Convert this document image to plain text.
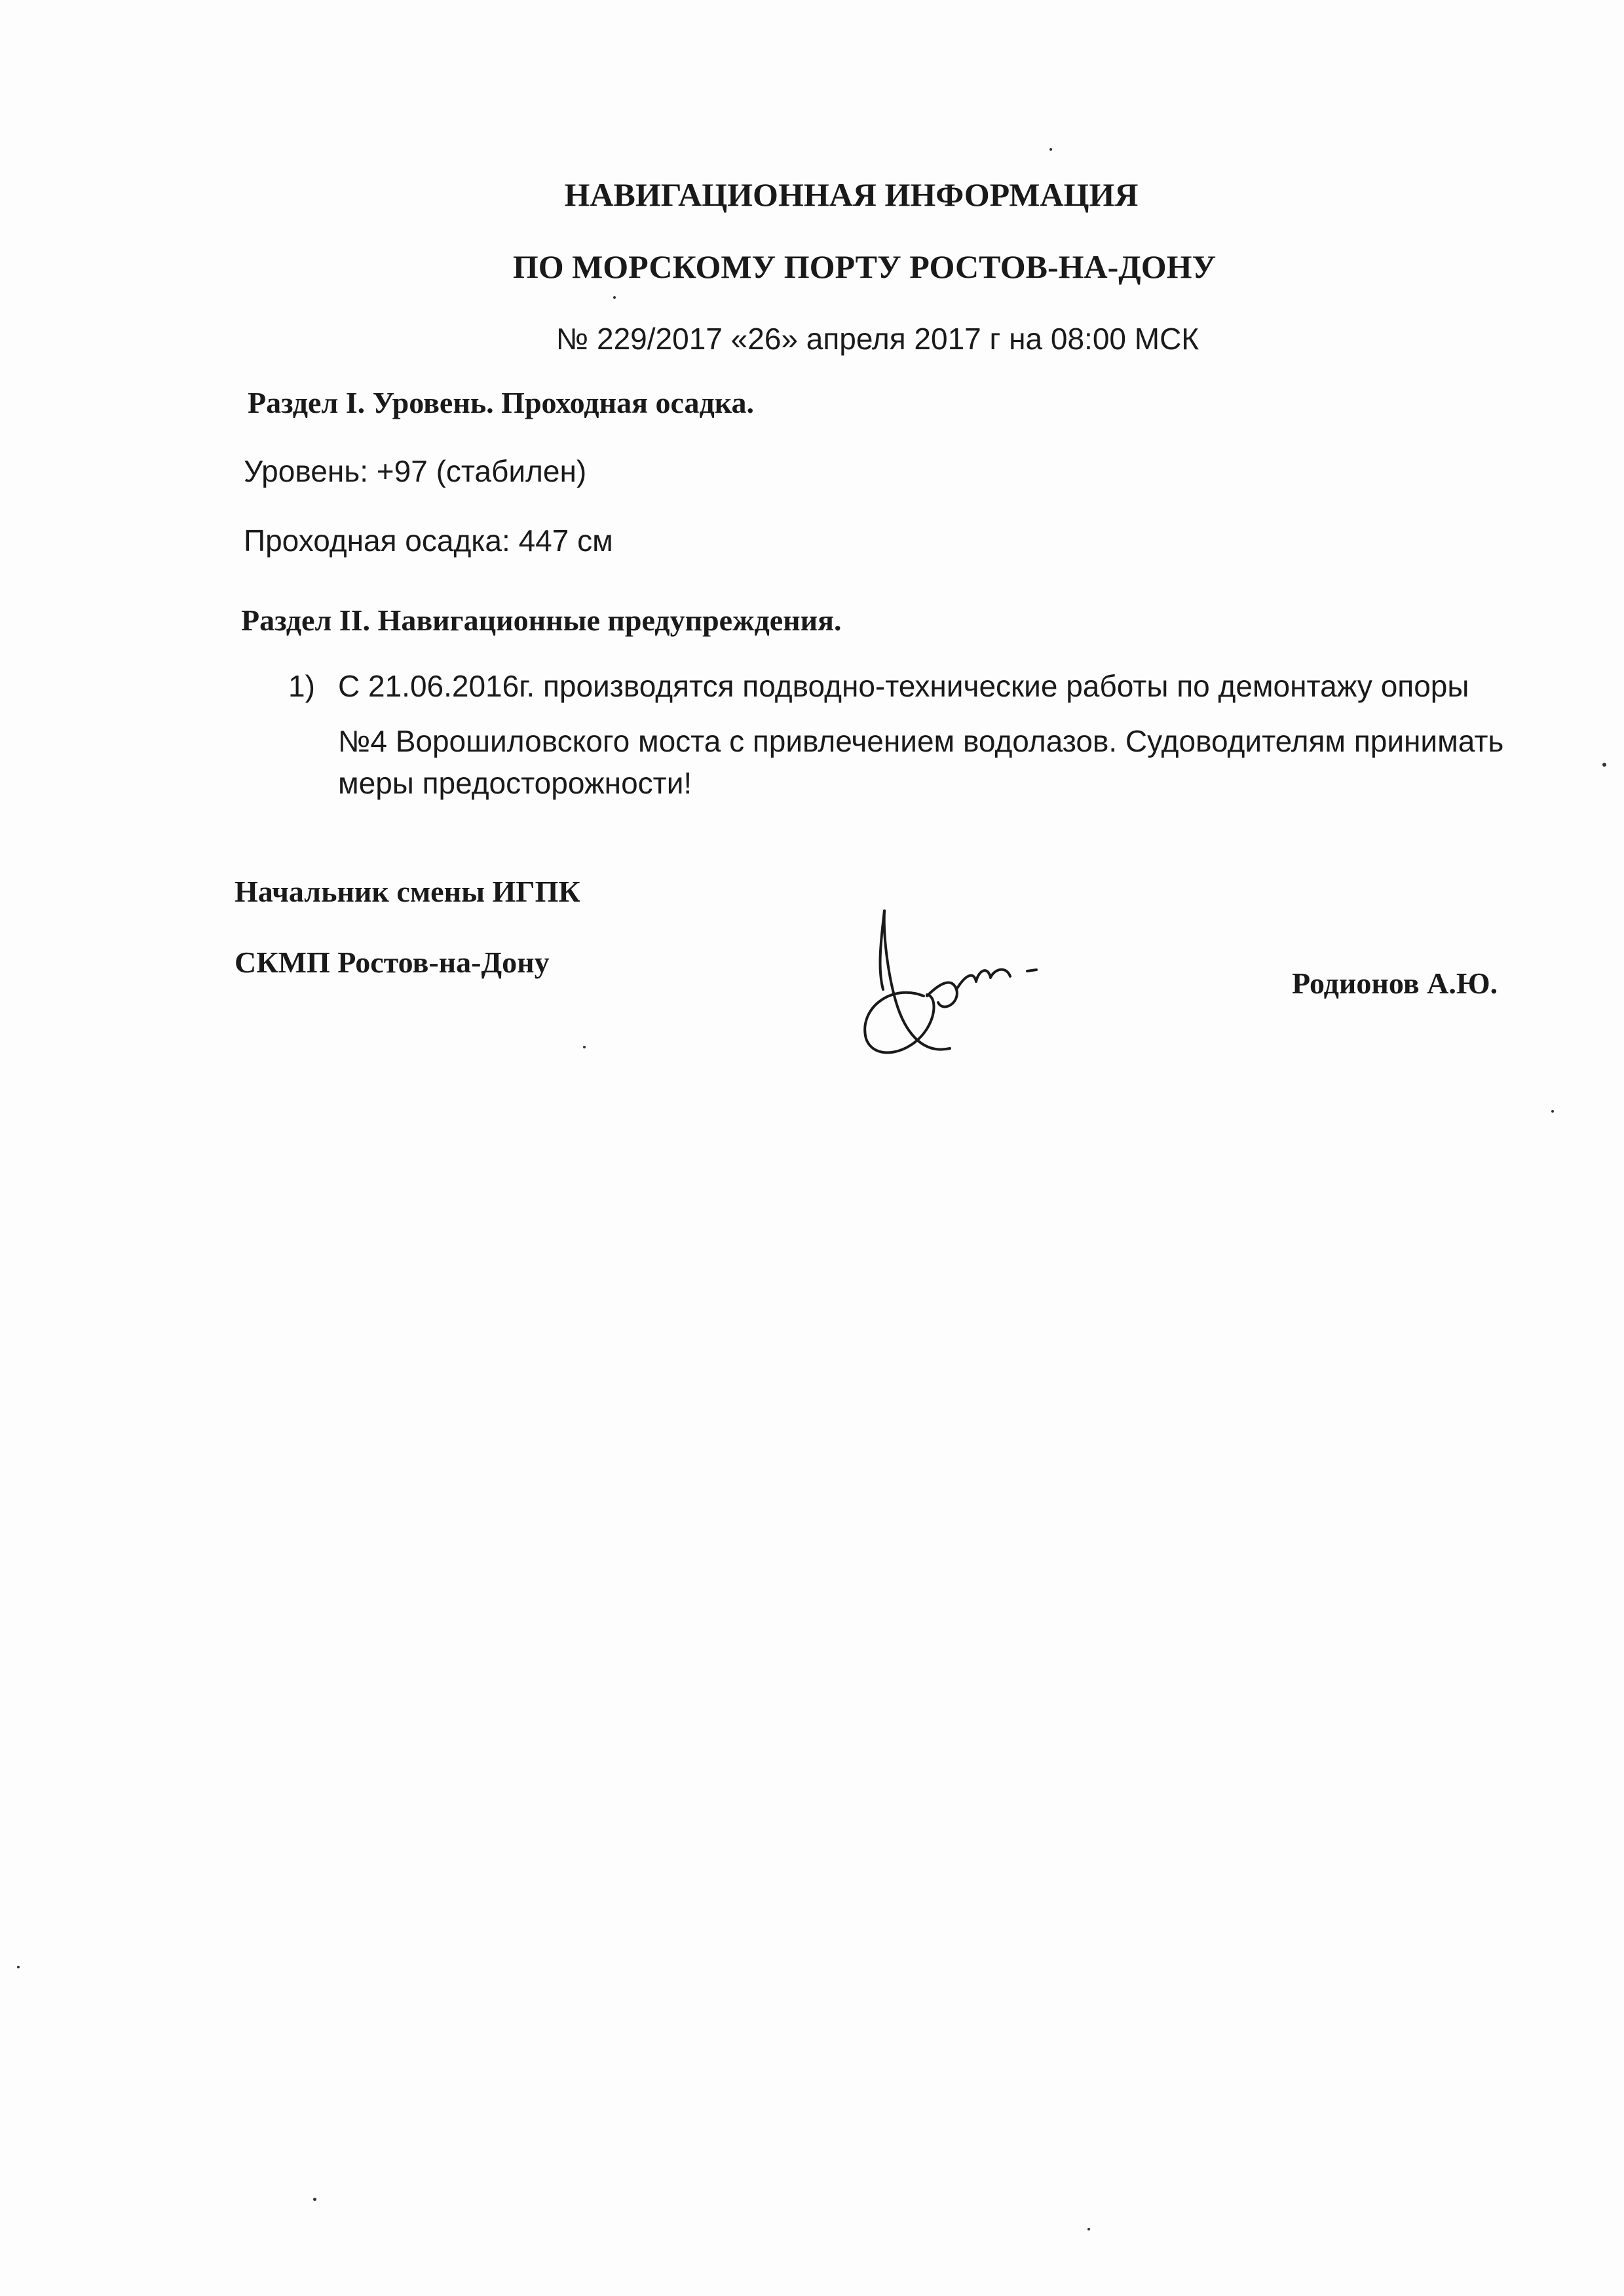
НАВИГАЦИОННАЯ ИНФОРМАЦИЯ
ПО МОРСКОМУ ПОРТУ РОСТОВ-НА-ДОНУ
№ 229/2017 «26» апреля 2017 г на 08:00 МСК
Раздел I. Уровень. Проходная осадка.
Уровень: +97 (стабилен)
Проходная осадка: 447 см
Раздел II. Навигационные предупреждения.
1) С 21.06.2016г. производятся подводно-технические работы по демонтажу опоры
№4 Ворошиловского моста с привлечением водолазов. Судоводителям принимать
меры предосторожности!
Начальник смены ИГПК
СКМП Ростов-на-Дону
Родионов А.Ю.
